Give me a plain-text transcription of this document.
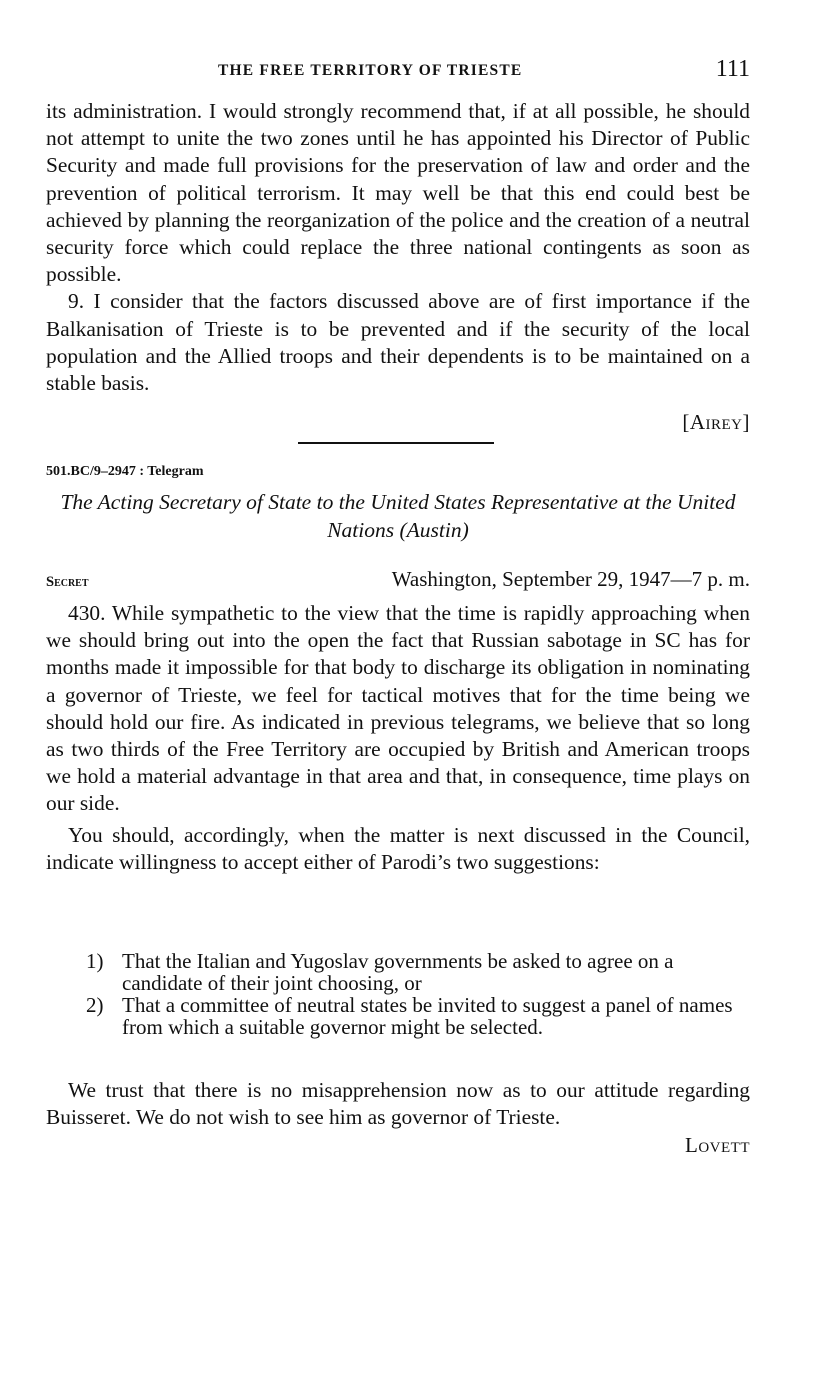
THE FREE TERRITORY OF TRIESTE	111

its administration. I would strongly recommend that, if at all possible, he should not attempt to unite the two zones until he has appointed his Director of Public Security and made full provisions for the preservation of law and order and the prevention of political terrorism. It may well be that this end could best be achieved by planning the reorganization of the police and the creation of a neutral security force which could replace the three national contingents as soon as possible.

9. I consider that the factors discussed above are of first importance if the Balkanisation of Trieste is to be prevented and if the security of the local population and the Allied troops and their dependents is to be maintained on a stable basis.

[Airey]
501.BC/9–2947 : Telegram
The Acting Secretary of State to the United States Representative at the United Nations (Austin)
Secret	Washington, September 29, 1947—7 p. m.

430. While sympathetic to the view that the time is rapidly approaching when we should bring out into the open the fact that Russian sabotage in SC has for months made it impossible for that body to discharge its obligation in nominating a governor of Trieste, we feel for tactical motives that for the time being we should hold our fire. As indicated in previous telegrams, we believe that so long as two thirds of the Free Territory are occupied by British and American troops we hold a material advantage in that area and that, in consequence, time plays on our side.

You should, accordingly, when the matter is next discussed in the Council, indicate willingness to accept either of Parodi’s two suggestions:

1) That the Italian and Yugoslav governments be asked to agree on a candidate of their joint choosing, or
2) That a committee of neutral states be invited to suggest a panel of names from which a suitable governor might be selected.

We trust that there is no misapprehension now as to our attitude regarding Buisseret. We do not wish to see him as governor of Trieste.

Lovett
